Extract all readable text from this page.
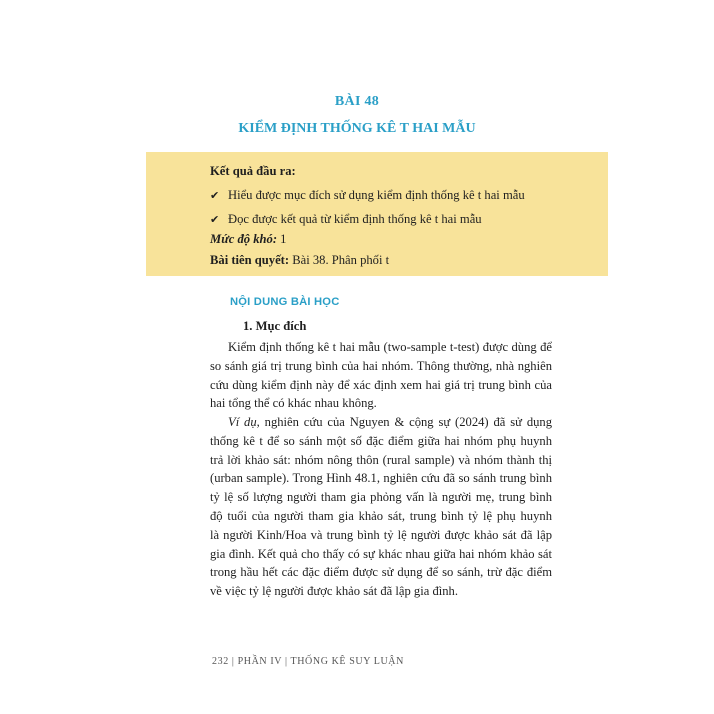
BÀI 48
KIỂM ĐỊNH THỐNG KÊ T HAI MẪU
Kết quả đầu ra:
✔ Hiểu được mục đích sử dụng kiểm định thống kê t hai mẫu
✔ Đọc được kết quả từ kiểm định thống kê t hai mẫu
Mức độ khó: 1
Bài tiên quyết: Bài 38. Phân phối t
NỘI DUNG BÀI HỌC
1. Mục đích
Kiểm định thống kê t hai mẫu (two-sample t-test) được dùng để
so sánh giá trị trung bình của hai nhóm. Thông thường, nhà nghiên
cứu dùng kiểm định này để xác định xem hai giá trị trung bình của
hai tổng thể có khác nhau không.
Ví dụ, nghiên cứu của Nguyen & cộng sự (2024) đã sử dụng
thống kê t để so sánh một số đặc điểm giữa hai nhóm phụ huynh
trả lời khảo sát: nhóm nông thôn (rural sample) và nhóm thành thị
(urban sample). Trong Hình 48.1, nghiên cứu đã so sánh trung bình
tỷ lệ số lượng người tham gia phỏng vấn là người mẹ, trung bình
độ tuổi của người tham gia khảo sát, trung bình tỷ lệ phụ huynh
là người Kinh/Hoa và trung bình tỷ lệ người được khảo sát đã lập
gia đình. Kết quả cho thấy có sự khác nhau giữa hai nhóm khảo sát
trong hầu hết các đặc điểm được sử dụng để so sánh, trừ đặc điểm
về việc tỷ lệ người được khảo sát đã lập gia đình.
232 | PHẦN IV | THỐNG KÊ SUY LUẬN
